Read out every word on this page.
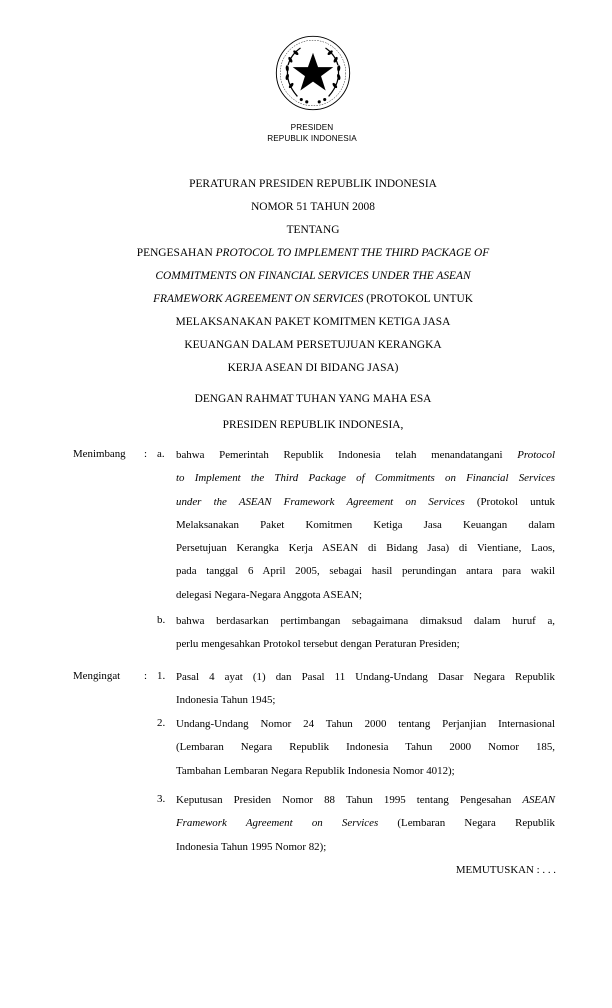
PRESIDEN
REPUBLIK INDONESIA
PERATURAN PRESIDEN REPUBLIK INDONESIA
NOMOR 51 TAHUN 2008
TENTANG
PENGESAHAN PROTOCOL TO IMPLEMENT THE THIRD PACKAGE OF
COMMITMENTS ON FINANCIAL SERVICES UNDER THE ASEAN
FRAMEWORK AGREEMENT ON SERVICES (PROTOKOL UNTUK
MELAKSANAKAN PAKET KOMITMEN KETIGA JASA
KEUANGAN DALAM PERSETUJUAN KERANGKA
KERJA ASEAN DI BIDANG JASA)
DENGAN RAHMAT TUHAN YANG MAHA ESA
PRESIDEN REPUBLIK INDONESIA,
Menimbang : a. bahwa Pemerintah Republik Indonesia telah menandatangani Protocol
to Implement the Third Package of Commitments on Financial Services
under the ASEAN Framework Agreement on Services (Protokol untuk
Melaksanakan Paket Komitmen Ketiga Jasa Keuangan dalam
Persetujuan Kerangka Kerja ASEAN di Bidang Jasa) di Vientiane, Laos,
pada tanggal 6 April 2005, sebagai hasil perundingan antara para wakil
delegasi Negara-Negara Anggota ASEAN;
b. bahwa berdasarkan pertimbangan sebagaimana dimaksud dalam huruf a,
perlu mengesahkan Protokol tersebut dengan Peraturan Presiden;
Mengingat : 1. Pasal 4 ayat (1) dan Pasal 11 Undang-Undang Dasar Negara Republik
Indonesia Tahun 1945;
2. Undang-Undang Nomor 24 Tahun 2000 tentang Perjanjian Internasional
(Lembaran Negara Republik Indonesia Tahun 2000 Nomor 185,
Tambahan Lembaran Negara Republik Indonesia Nomor 4012);
3. Keputusan Presiden Nomor 88 Tahun 1995 tentang Pengesahan ASEAN
Framework Agreement on Services (Lembaran Negara Republik
Indonesia Tahun 1995 Nomor 82);
MEMUTUSKAN : . . .
